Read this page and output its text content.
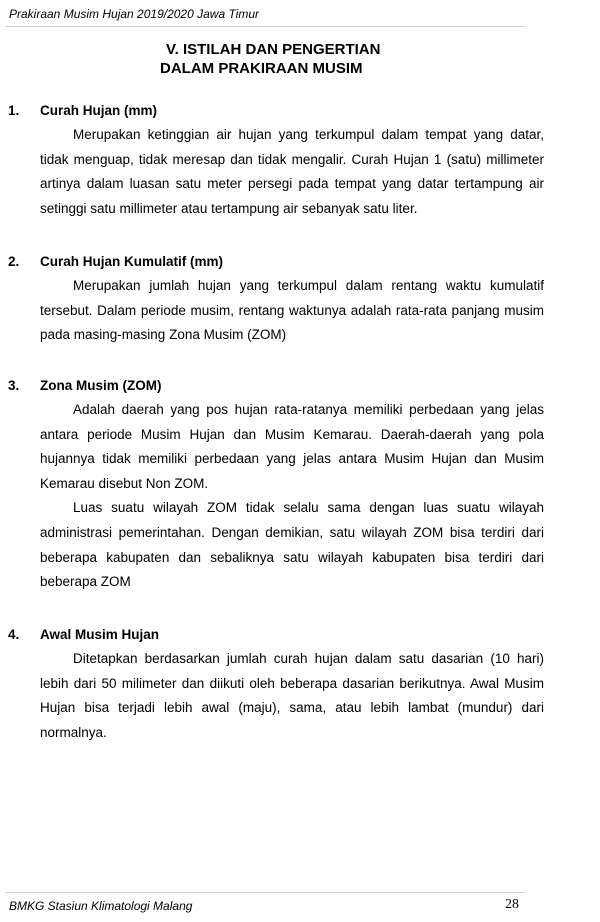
Prakiraan Musim Hujan 2019/2020 Jawa Timur
V. ISTILAH DAN PENGERTIAN
DALAM PRAKIRAAN MUSIM
1. Curah Hujan (mm)

Merupakan ketinggian air hujan yang terkumpul dalam tempat yang datar, tidak menguap, tidak meresap dan tidak mengalir. Curah Hujan 1 (satu) millimeter artinya dalam luasan satu meter persegi pada tempat yang datar tertampung air setinggi satu millimeter atau tertampung air sebanyak satu liter.

2. Curah Hujan Kumulatif (mm)

Merupakan jumlah hujan yang terkumpul dalam rentang waktu kumulatif tersebut. Dalam periode musim, rentang waktunya adalah rata-rata panjang musim pada masing-masing Zona Musim (ZOM)

3. Zona Musim (ZOM)

Adalah daerah yang pos hujan rata-ratanya memiliki perbedaan yang jelas antara periode Musim Hujan dan Musim Kemarau. Daerah-daerah yang pola hujannya tidak memiliki perbedaan yang jelas antara Musim Hujan dan Musim Kemarau disebut Non ZOM.

Luas suatu wilayah ZOM tidak selalu sama dengan luas suatu wilayah administrasi pemerintahan. Dengan demikian, satu wilayah ZOM bisa terdiri dari beberapa kabupaten dan sebaliknya satu wilayah kabupaten bisa terdiri dari beberapa ZOM

4. Awal Musim Hujan

Ditetapkan berdasarkan jumlah curah hujan dalam satu dasarian (10 hari) lebih dari 50 milimeter dan diikuti oleh beberapa dasarian berikutnya. Awal Musim Hujan bisa terjadi lebih awal (maju), sama, atau lebih lambat (mundur) dari normalnya.

BMKG Stasiun Klimatologi Malang	28
